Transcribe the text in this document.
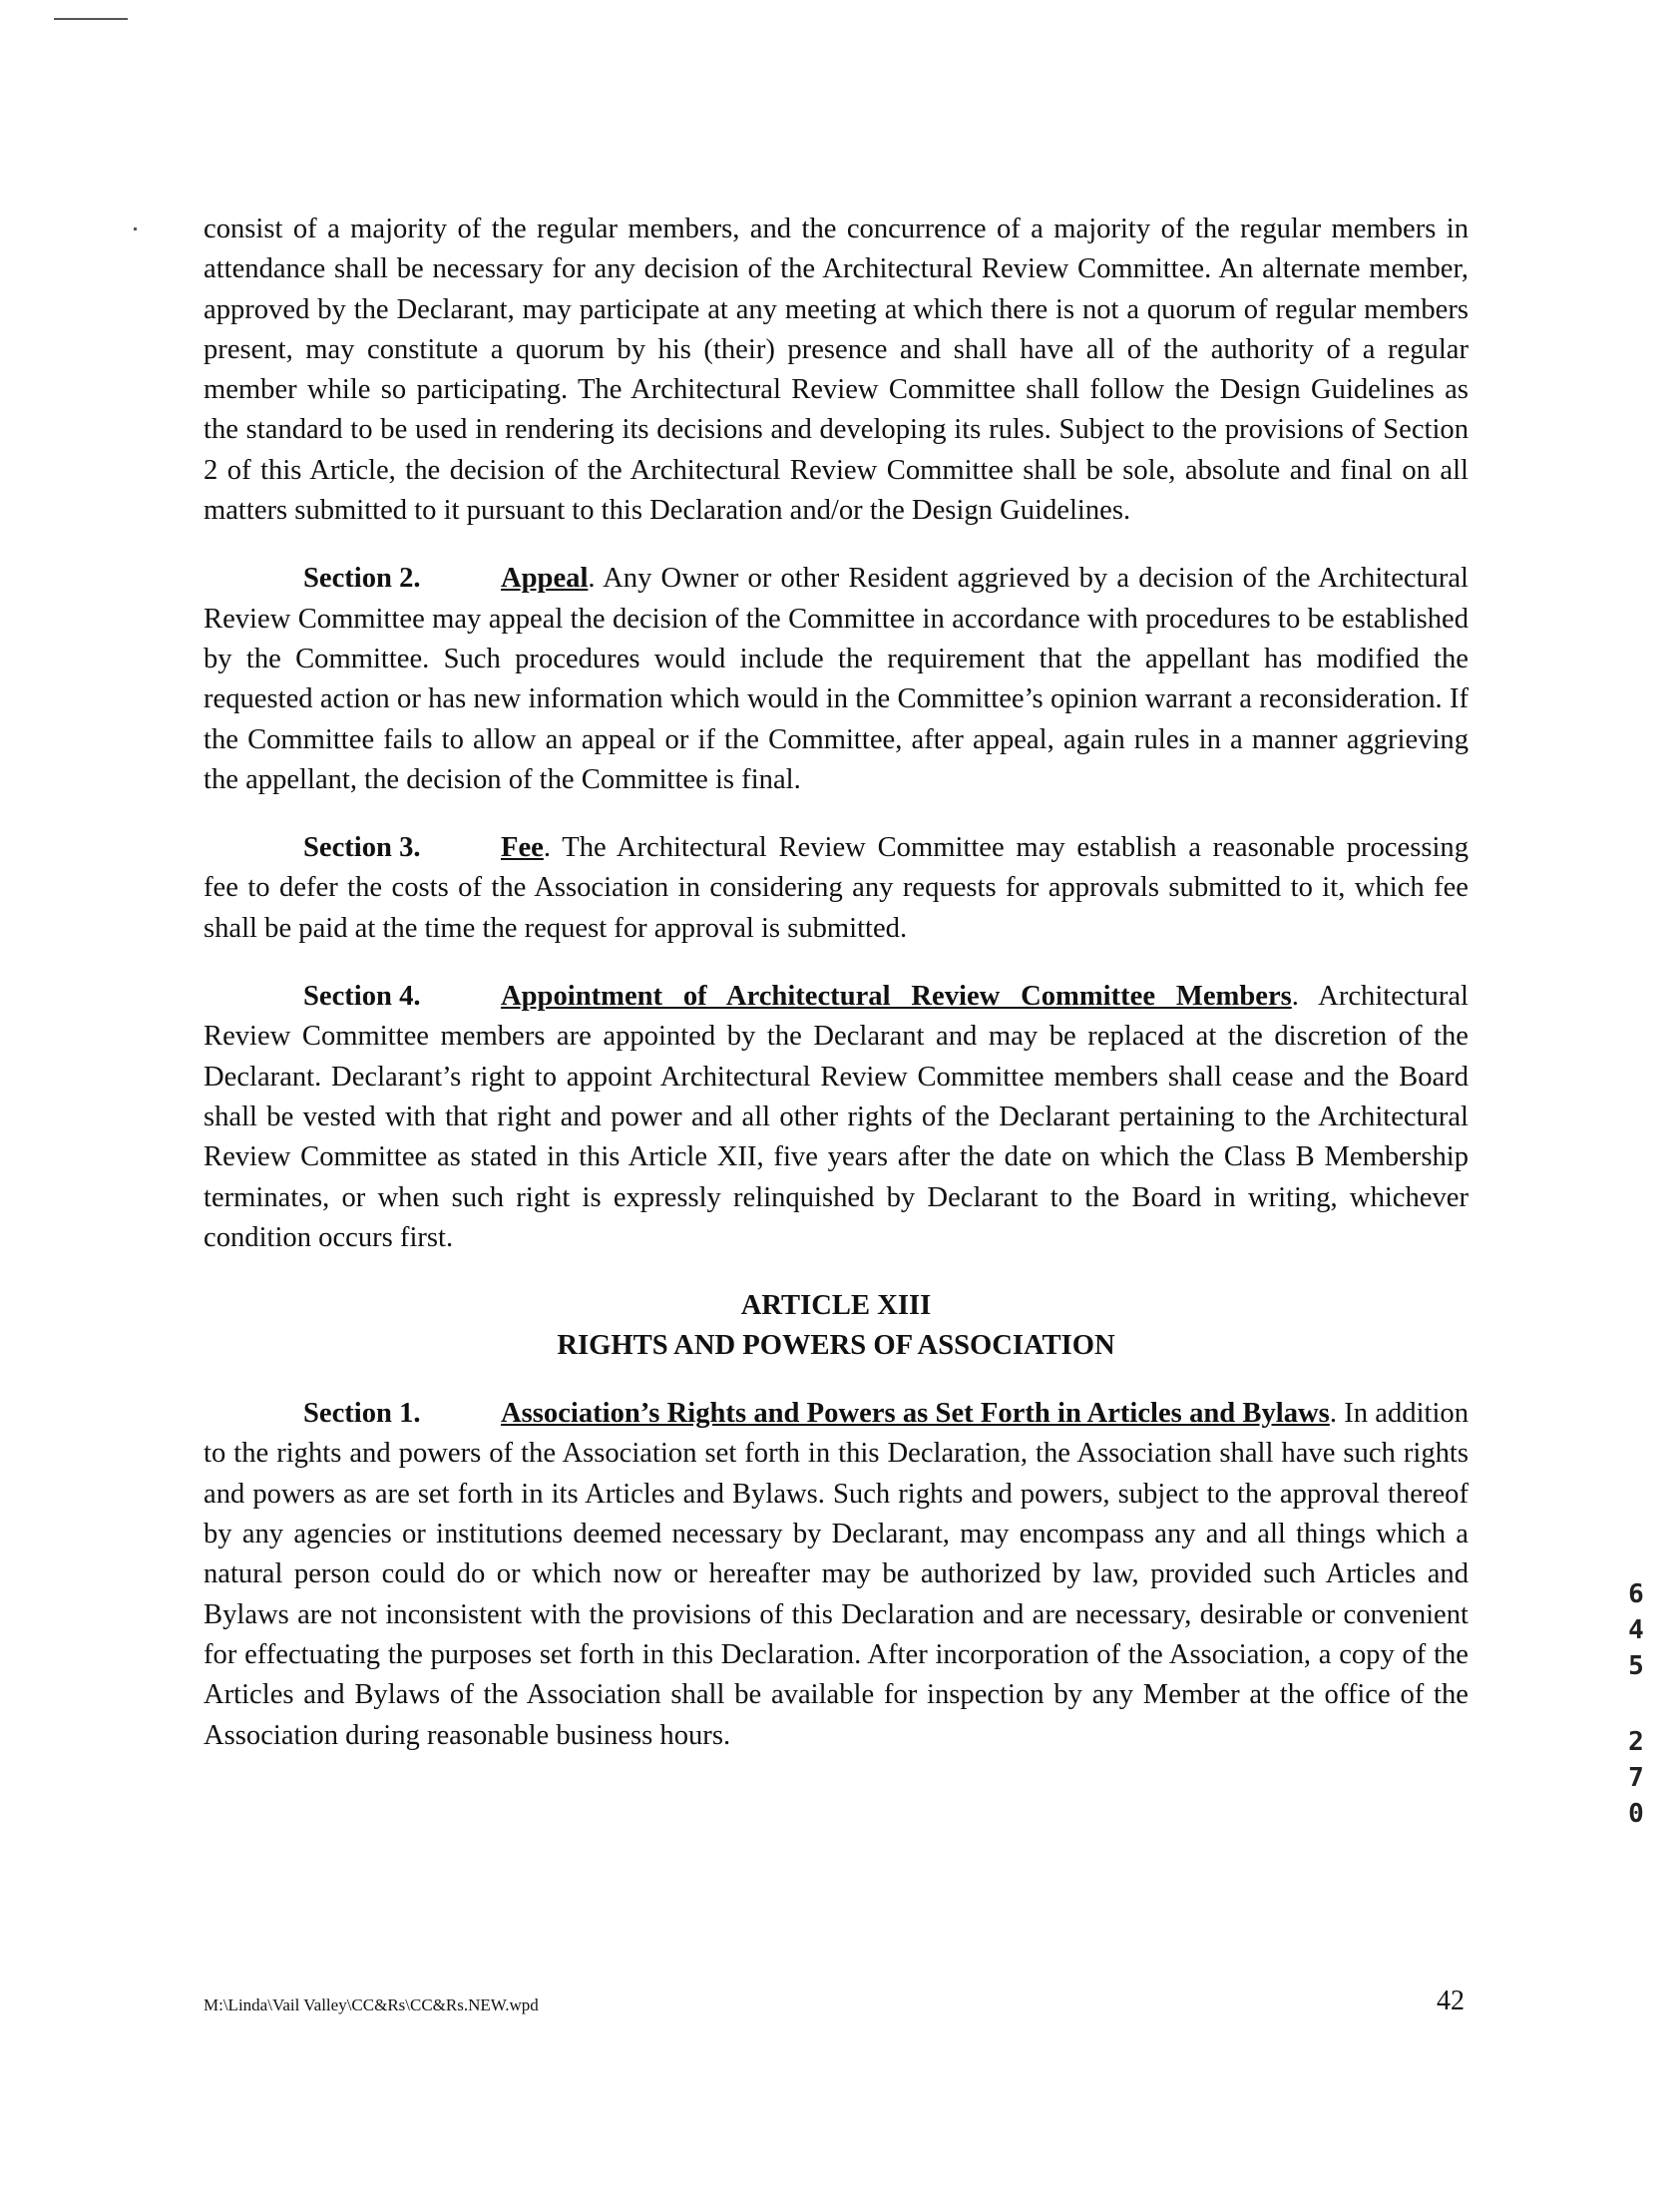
consist of a majority of the regular members, and the concurrence of a majority of the regular members in attendance shall be necessary for any decision of the Architectural Review Committee. An alternate member, approved by the Declarant, may participate at any meeting at which there is not a quorum of regular members present, may constitute a quorum by his (their) presence and shall have all of the authority of a regular member while so participating. The Architectural Review Committee shall follow the Design Guidelines as the standard to be used in rendering its decisions and developing its rules. Subject to the provisions of Section 2 of this Article, the decision of the Architectural Review Committee shall be sole, absolute and final on all matters submitted to it pursuant to this Declaration and/or the Design Guidelines.

Section 2.	Appeal. Any Owner or other Resident aggrieved by a decision of the Architectural Review Committee may appeal the decision of the Committee in accordance with procedures to be established by the Committee. Such procedures would include the requirement that the appellant has modified the requested action or has new information which would in the Committee’s opinion warrant a reconsideration. If the Committee fails to allow an appeal or if the Committee, after appeal, again rules in a manner aggrieving the appellant, the decision of the Committee is final.

Section 3.	Fee. The Architectural Review Committee may establish a reasonable processing fee to defer the costs of the Association in considering any requests for approvals submitted to it, which fee shall be paid at the time the request for approval is submitted.

Section 4.	Appointment of Architectural Review Committee Members. Architectural Review Committee members are appointed by the Declarant and may be replaced at the discretion of the Declarant. Declarant’s right to appoint Architectural Review Committee members shall cease and the Board shall be vested with that right and power and all other rights of the Declarant pertaining to the Architectural Review Committee as stated in this Article XII, five years after the date on which the Class B Membership terminates, or when such right is expressly relinquished by Declarant to the Board in writing, whichever condition occurs first.

ARTICLE XIII

RIGHTS AND POWERS OF ASSOCIATION

Section 1.	Association’s Rights and Powers as Set Forth in Articles and Bylaws. In addition to the rights and powers of the Association set forth in this Declaration, the Association shall have such rights and powers as are set forth in its Articles and Bylaws. Such rights and powers, subject to the approval thereof by any agencies or institutions deemed necessary by Declarant, may encompass any and all things which a natural person could do or which now or hereafter may be authorized by law, provided such Articles and Bylaws are not inconsistent with the provisions of this Declaration and are necessary, desirable or convenient for effectuating the purposes set forth in this Declaration. After incorporation of the Association, a copy of the Articles and Bylaws of the Association shall be available for inspection by any Member at the office of the Association during reasonable business hours.

6
4
5
2
7
0
M:\Linda\Vail Valley\CC&Rs\CC&Rs.NEW.wpd	42
